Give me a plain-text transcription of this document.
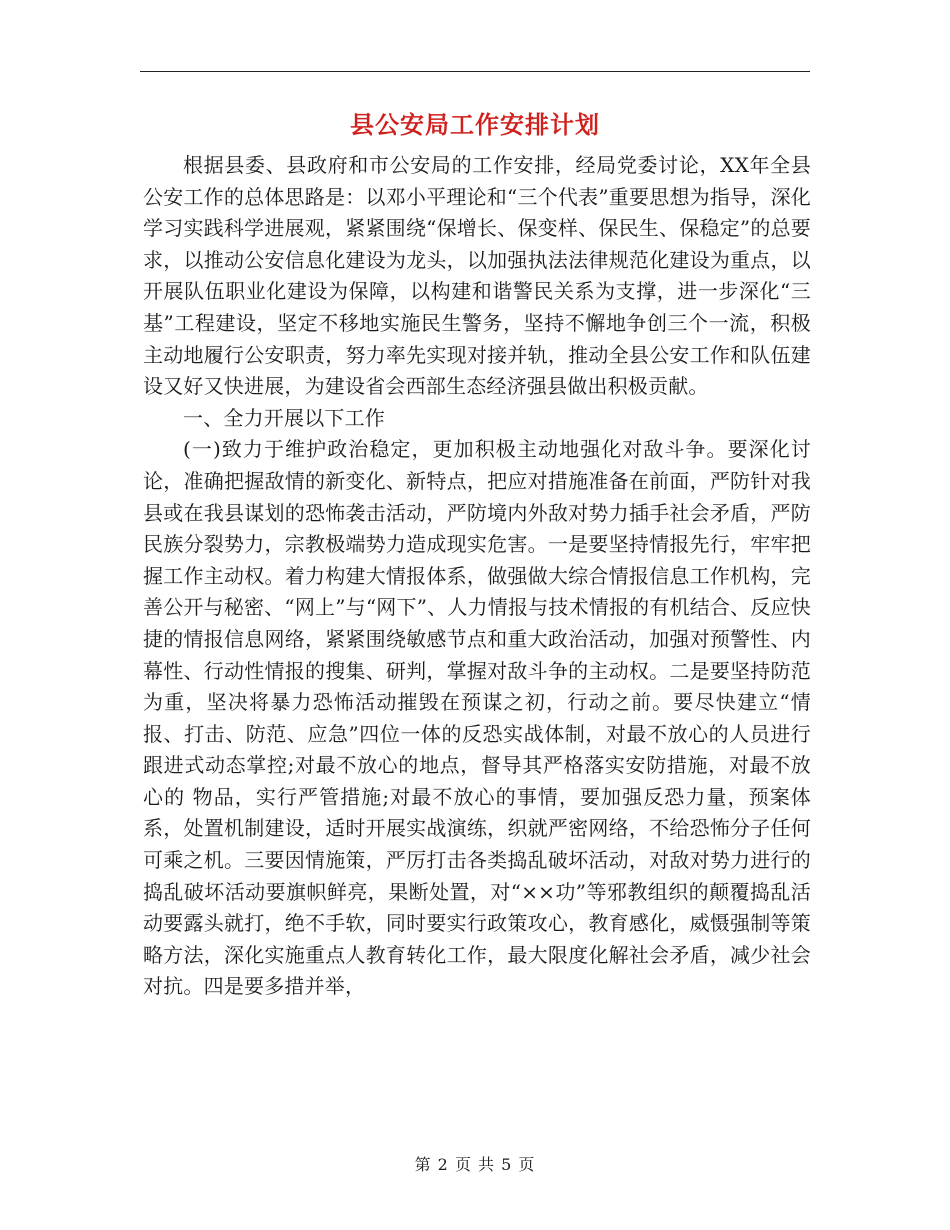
县公安局工作安排计划

根据县委、县政府和市公安局的工作安排，经局党委讨论，XX年全县公安工作的总体思路是：以邓小平理论和“三个代表”重要思想为指导，深化学习实践科学进展观，紧紧围绕“保增长、保变样、保民生、保稳定”的总要求，以推动公安信息化建设为龙头，以加强执法法律规范化建设为重点，以开展队伍职业化建设为保障，以构建和谐警民关系为支撑，进一步深化“三基”工程建设，坚定不移地实施民生警务，坚持不懈地争创三个一流，积极主动地履行公安职责，努力率先实现对接并轨，推动全县公安工作和队伍建设又好又快进展，为建设省会西部生态经济强县做出积极贡献。

一、全力开展以下工作

(一)致力于维护政治稳定，更加积极主动地强化对敌斗争。要深化讨论，准确把握敌情的新变化、新特点，把应对措施准备在前面，严防针对我县或在我县谋划的恐怖袭击活动，严防境内外敌对势力插手社会矛盾，严防民族分裂势力，宗教极端势力造成现实危害。一是要坚持情报先行，牢牢把握工作主动权。着力构建大情报体系，做强做大综合情报信息工作机构，完善公开与秘密、“网上”与“网下”、人力情报与技术情报的有机结合、反应快捷的情报信息网络，紧紧围绕敏感节点和重大政治活动，加强对预警性、内幕性、行动性情报的搜集、研判，掌握对敌斗争的主动权。二是要坚持防范为重，坚决将暴力恐怖活动摧毁在预谋之初，行动之前。要尽快建立“情报、打击、防范、应急”四位一体的反恐实战体制，对最不放心的人员进行跟进式动态掌控;对最不放心的地点，督导其严格落实安防措施，对最不放心的 物品，实行严管措施;对最不放心的事情，要加强反恐力量，预案体系，处置机制建设，适时开展实战演练，织就严密网络，不给恐怖分子任何可乘之机。三要因情施策，严厉打击各类捣乱破坏活动，对敌对势力进行的捣乱破坏活动要旗帜鲜亮，果断处置，对“××功”等邪教组织的颠覆捣乱活动要露头就打，绝不手软，同时要实行政策攻心，教育感化，威慑强制等策略方法，深化实施重点人教育转化工作，最大限度化解社会矛盾，减少社会对抗。四是要多措并举，

第 2 页 共 5 页
